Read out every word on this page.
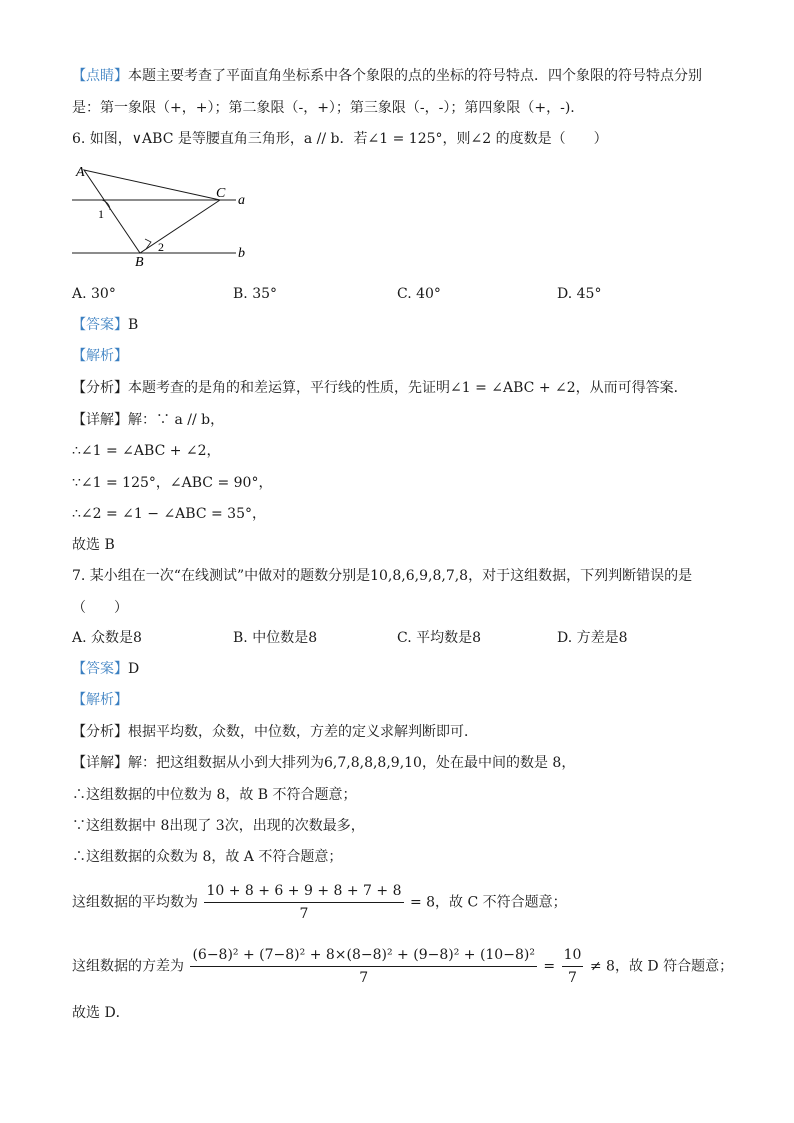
【点睛】本题主要考查了平面直角坐标系中各个象限的点的坐标的符号特点．四个象限的符号特点分别
是：第一象限（+，+）；第二象限（-，+）；第三象限（-，-）；第四象限（+，-).
6. 如图，∨ABC 是等腰直角三角形，a // b．若∠1 = 125°，则∠2 的度数是（　　）
A
C a
1
2
B
b
A. 30°	B. 35°	C. 40°	D. 45°
【答案】B
【解析】
【分析】本题考查的是角的和差运算，平行线的性质，先证明∠1 = ∠ABC + ∠2，从而可得答案．
【详解】解：∵ a // b，
∴∠1 = ∠ABC + ∠2，
∵∠1 = 125°，∠ABC = 90°，
∴∠2 = ∠1 − ∠ABC = 35°，
故选 B
7. 某小组在一次“在线测试”中做对的题数分别是10,8,6,9,8,7,8，对于这组数据，下列判断错误的是
（　　）
A. 众数是8	B. 中位数是8	C. 平均数是8	D. 方差是8
【答案】D
【解析】
【分析】根据平均数，众数，中位数，方差的定义求解判断即可．
【详解】解：把这组数据从小到大排列为6,7,8,8,8,9,10，处在最中间的数是 8，
∴这组数据的中位数为 8，故 B 不符合题意；
∵这组数据中 8出现了 3次，出现的次数最多，
∴这组数据的众数为 8，故 A 不符合题意；
这组数据的平均数为 $\frac{10 + 8 + 6 + 9 + 8 + 7 + 8}{7} = 8$，故 C 不符合题意；
这组数据的方差为 $\frac{\text{(6−8)² + (7−8)² + 8×(8−8)² + (9−8)² + (10−8)²}}{7} = \frac{10}{7} \ne 8$，故 D 符合题意；
故选 D．
